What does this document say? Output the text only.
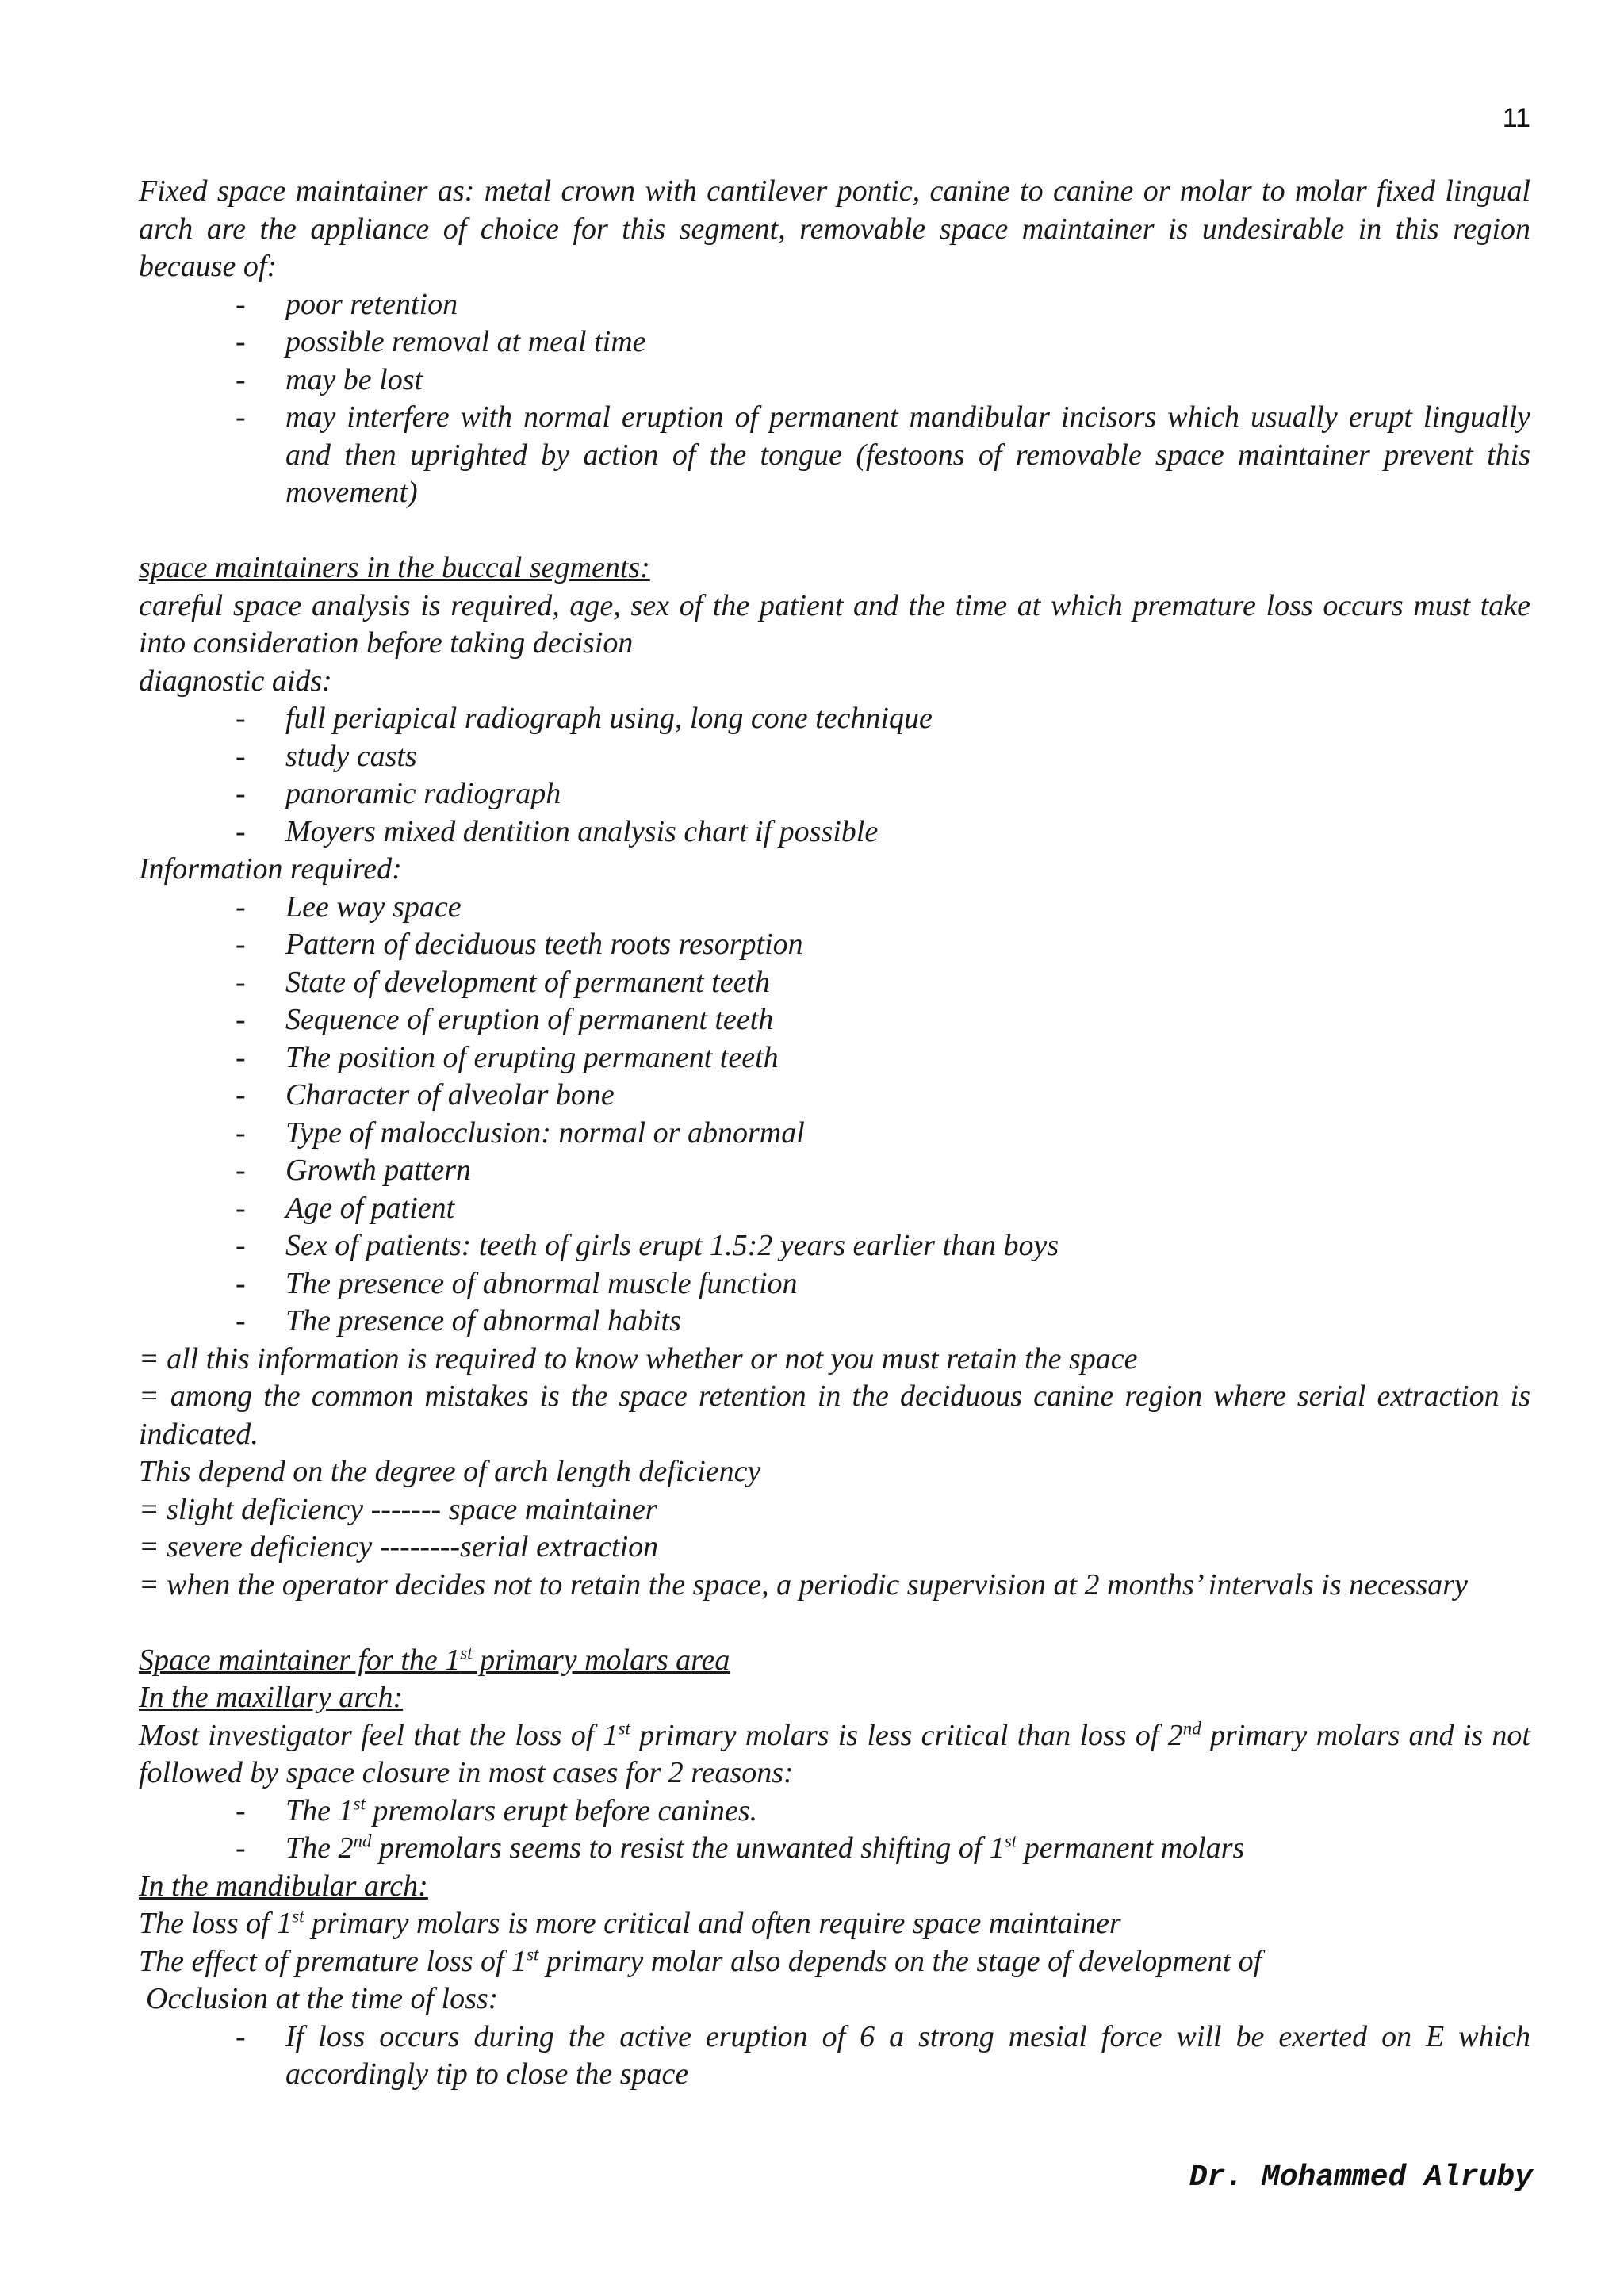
11

Fixed space maintainer as: metal crown with cantilever pontic, canine to canine or molar to molar fixed lingual arch are the appliance of choice for this segment, removable space maintainer is undesirable in this region because of:

- poor retention
- possible removal at meal time
- may be lost
- may interfere with normal eruption of permanent mandibular incisors which usually erupt lingually and then uprighted by action of the tongue (festoons of removable space maintainer prevent this movement)

space maintainers in the buccal segments:

careful space analysis is required, age, sex of the patient and the time at which premature loss occurs must take into consideration before taking decision

diagnostic aids:

- full periapical radiograph using, long cone technique
- study casts
- panoramic radiograph
- Moyers mixed dentition analysis chart if possible

Information required:

- Lee way space
- Pattern of deciduous teeth roots resorption
- State of development of permanent teeth
- Sequence of eruption of permanent teeth
- The position of erupting permanent teeth
- Character of alveolar bone
- Type of malocclusion: normal or abnormal
- Growth pattern
- Age of patient
- Sex of patients: teeth of girls erupt 1.5:2 years earlier than boys
- The presence of abnormal muscle function
- The presence of abnormal habits

= all this information is required to know whether or not you must retain the space

= among the common mistakes is the space retention in the deciduous canine region where serial extraction is indicated.

This depend on the degree of arch length deficiency

= slight deficiency ------- space maintainer

= severe deficiency --------serial extraction

= when the operator decides not to retain the space, a periodic supervision at 2 months’ intervals is necessary

Space maintainer for the 1st primary molars area

In the maxillary arch:

Most investigator feel that the loss of 1st primary molars is less critical than loss of 2nd primary molars and is not followed by space closure in most cases for 2 reasons:

- The 1st premolars erupt before canines.
- The 2nd premolars seems to resist the unwanted shifting of 1st permanent molars

In the mandibular arch:

The loss of 1st primary molars is more critical and often require space maintainer

The effect of premature loss of 1st primary molar also depends on the stage of development of

Occlusion at the time of loss:

- If loss occurs during the active eruption of 6 a strong mesial force will be exerted on E which accordingly tip to close the space
Dr. Mohammed Alruby
